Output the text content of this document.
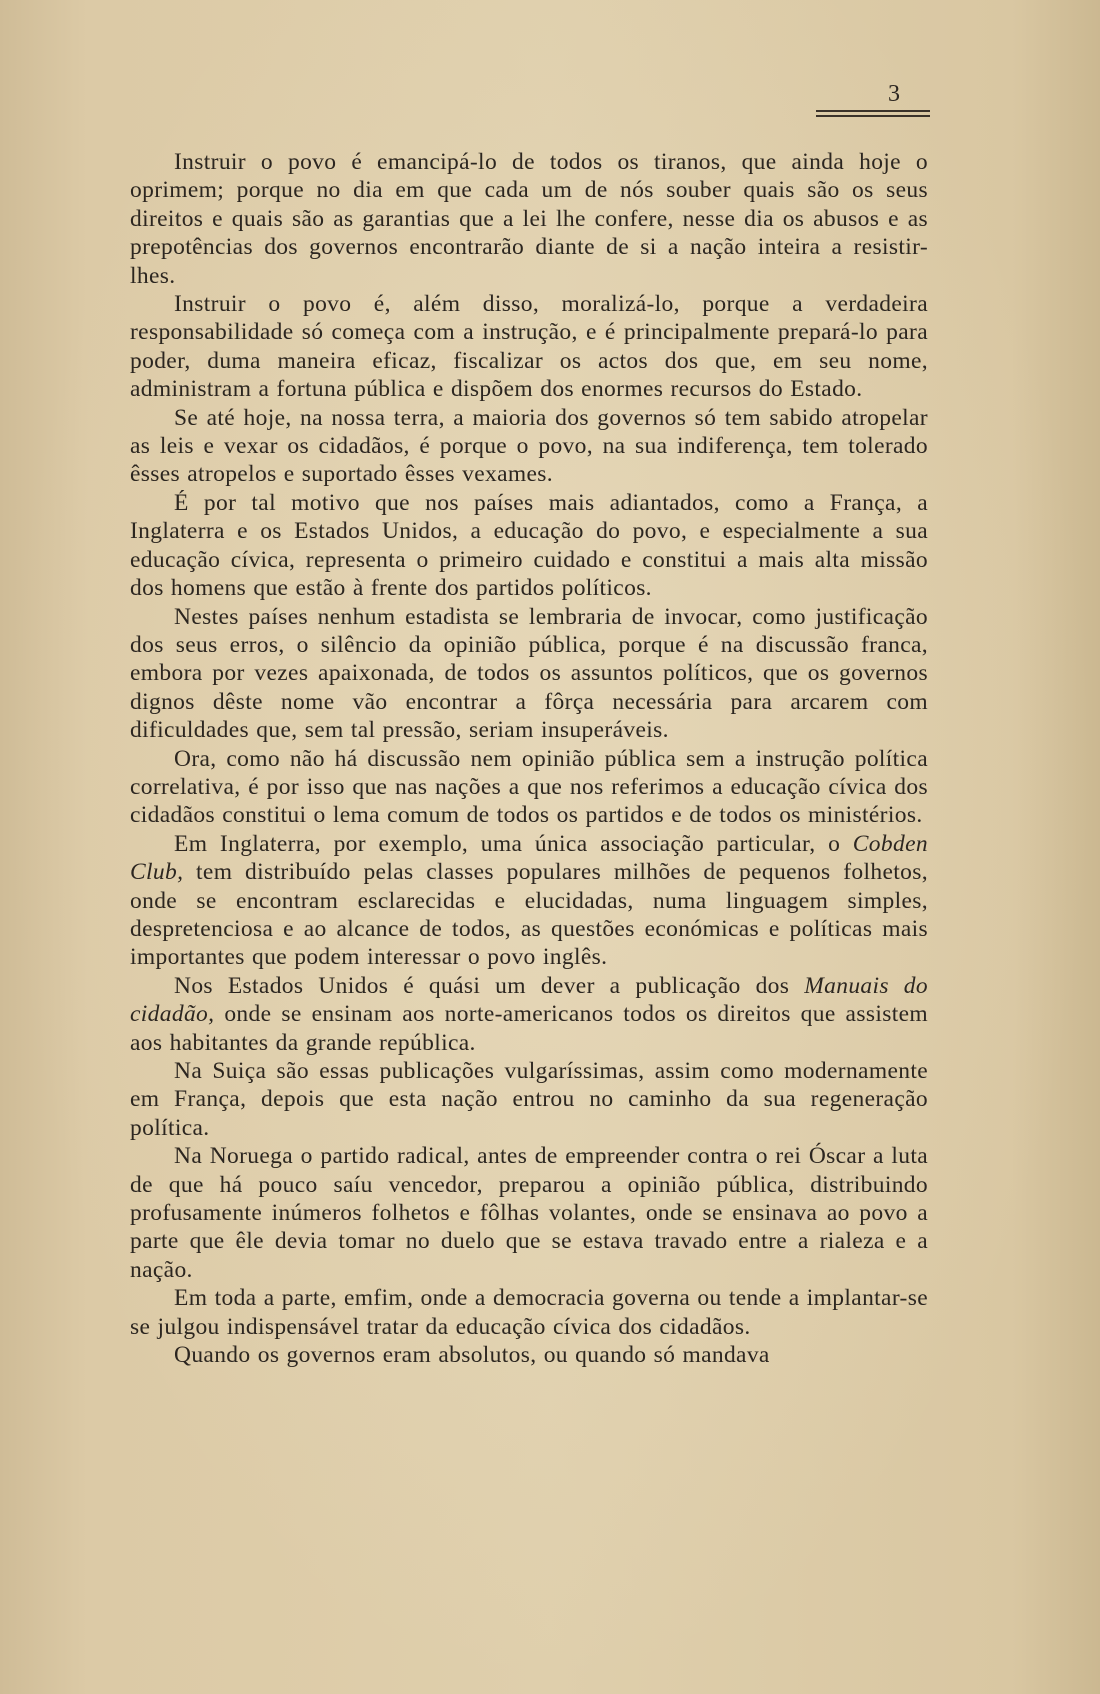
3

Instruir o povo é emancipá-lo de todos os tiranos, que ainda hoje o oprimem; porque no dia em que cada um de nós souber quais são os seus direitos e quais são as garantias que a lei lhe confere, nesse dia os abusos e as prepotências dos governos encontrarão diante de si a nação inteira a resistir-lhes.

Instruir o povo é, além disso, moralizá-lo, porque a verdadeira responsabilidade só começa com a instrução, e é principalmente prepará-lo para poder, duma maneira eficaz, fiscalizar os actos dos que, em seu nome, administram a fortuna pública e dispõem dos enormes recursos do Estado.

Se até hoje, na nossa terra, a maioria dos governos só tem sabido atropelar as leis e vexar os cidadãos, é porque o povo, na sua indiferença, tem tolerado êsses atropelos e suportado êsses vexames.

É por tal motivo que nos países mais adiantados, como a França, a Inglaterra e os Estados Unidos, a educação do povo, e especialmente a sua educação cívica, representa o primeiro cuidado e constitui a mais alta missão dos homens que estão à frente dos partidos políticos.

Nestes países nenhum estadista se lembraria de invocar, como justificação dos seus erros, o silêncio da opinião pública, porque é na discussão franca, embora por vezes apaixonada, de todos os assuntos políticos, que os governos dignos dêste nome vão encontrar a fôrça necessária para arcarem com dificuldades que, sem tal pressão, seriam insuperáveis.

Ora, como não há discussão nem opinião pública sem a instrução política correlativa, é por isso que nas nações a que nos referimos a educação cívica dos cidadãos constitui o lema comum de todos os partidos e de todos os ministérios.

Em Inglaterra, por exemplo, uma única associação particular, o Cobden Club, tem distribuído pelas classes populares milhões de pequenos folhetos, onde se encontram esclarecidas e elucidadas, numa linguagem simples, despretenciosa e ao alcance de todos, as questões económicas e políticas mais importantes que podem interessar o povo inglês.

Nos Estados Unidos é quási um dever a publicação dos Manuais do cidadão, onde se ensinam aos norte-americanos todos os direitos que assistem aos habitantes da grande república.

Na Suiça são essas publicações vulgaríssimas, assim como modernamente em França, depois que esta nação entrou no caminho da sua regeneração política.

Na Noruega o partido radical, antes de empreender contra o rei Óscar a luta de que há pouco saíu vencedor, preparou a opinião pública, distribuindo profusamente inúmeros folhetos e fôlhas volantes, onde se ensinava ao povo a parte que êle devia tomar no duelo que se estava travado entre a rialeza e a nação.

Em toda a parte, emfim, onde a democracia governa ou tende a implantar-se se julgou indispensável tratar da educação cívica dos cidadãos.

Quando os governos eram absolutos, ou quando só mandava
